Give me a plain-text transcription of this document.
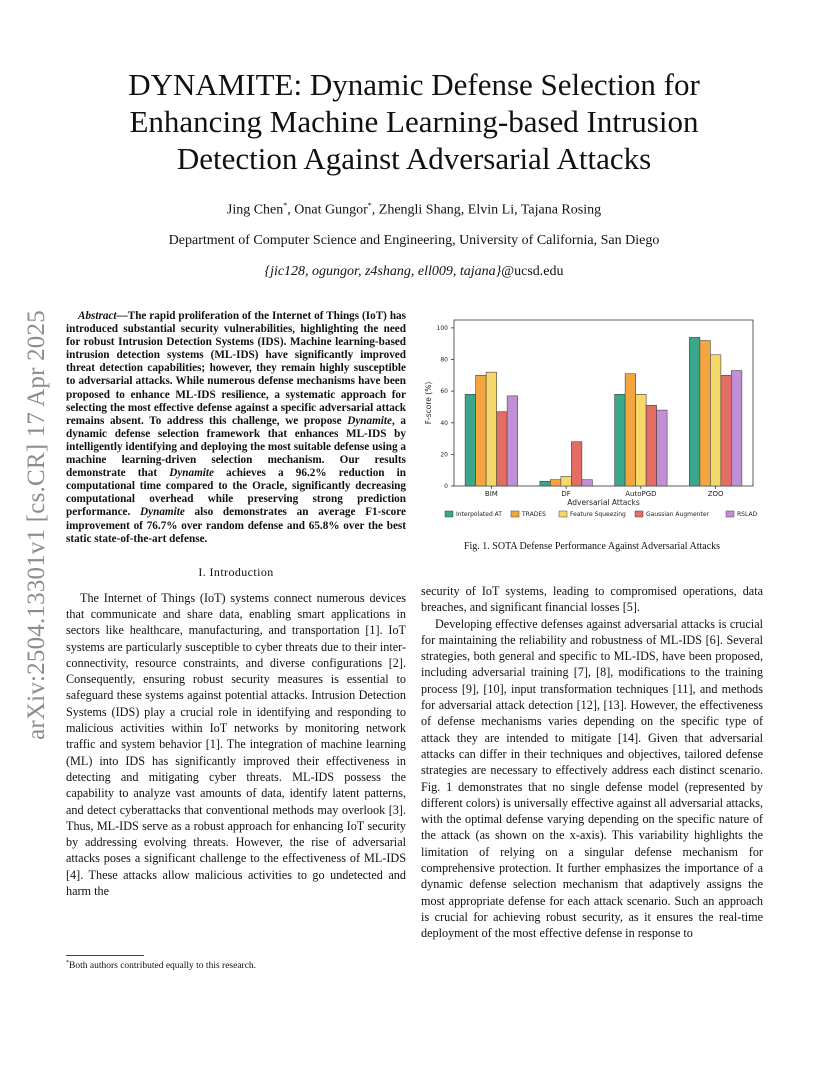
arXiv:2504.13301v1 [cs.CR] 17 Apr 2025
DYNAMITE: Dynamic Defense Selection for Enhancing Machine Learning-based Intrusion Detection Against Adversarial Attacks
Jing Chen*, Onat Gungor*, Zhengli Shang, Elvin Li, Tajana Rosing
Department of Computer Science and Engineering, University of California, San Diego
{jic128, ogungor, z4shang, ell009, tajana}@ucsd.edu

Abstract—The rapid proliferation of the Internet of Things (IoT) has introduced substantial security vulnerabilities, highlighting the need for robust Intrusion Detection Systems (IDS). Machine learning-based intrusion detection systems (ML-IDS) have significantly improved threat detection capabilities; however, they remain highly susceptible to adversarial attacks. While numerous defense mechanisms have been proposed to enhance ML-IDS resilience, a systematic approach for selecting the most effective defense against a specific adversarial attack remains absent. To address this challenge, we propose Dynamite, a dynamic defense selection framework that enhances ML-IDS by intelligently identifying and deploying the most suitable defense using a machine learning-driven selection mechanism. Our results demonstrate that Dynamite achieves a 96.2% reduction in computational time compared to the Oracle, significantly decreasing computational overhead while preserving strong prediction performance. Dynamite also demonstrates an average F1-score improvement of 76.7% over random defense and 65.8% over the best static state-of-the-art defense.

I. Introduction

The Internet of Things (IoT) systems connect numerous devices that communicate and share data, enabling smart applications in sectors like healthcare, manufacturing, and transportation [1]. IoT systems are particularly susceptible to cyber threats due to their inter-connectivity, resource constraints, and diverse configurations [2]. Consequently, ensuring robust security measures is essential to safeguard these systems against potential attacks. Intrusion Detection Systems (IDS) play a crucial role in identifying and responding to malicious activities within IoT networks by monitoring network traffic and system behavior [1]. The integration of machine learning (ML) into IDS has significantly improved their effectiveness in detecting and mitigating cyber threats. ML-IDS possess the capability to analyze vast amounts of data, identify latent patterns, and detect cyberattacks that conventional methods may overlook [3]. Thus, ML-IDS serve as a robust approach for enhancing IoT security by addressing evolving threats. However, the rise of adversarial attacks poses a significant challenge to the effectiveness of ML-IDS [4]. These attacks allow malicious activities to go undetected and harm the

*Both authors contributed equally to this research.
0
20
40
60
80
100
F-score (%)
BIM	DF	AutoPGD	ZOO
Adversarial Attacks
Interpolated AT	TRADES	Feature Squeezing	Gaussian Augmenter	RSLAD
Fig. 1. SOTA Defense Performance Against Adversarial Attacks

security of IoT systems, leading to compromised operations, data breaches, and significant financial losses [5].

Developing effective defenses against adversarial attacks is crucial for maintaining the reliability and robustness of ML-IDS [6]. Several strategies, both general and specific to ML-IDS, have been proposed, including adversarial training [7], [8], modifications to the training process [9], [10], input transformation techniques [11], and methods for adversarial attack detection [12], [13]. However, the effectiveness of defense mechanisms varies depending on the specific type of attack they are intended to mitigate [14]. Given that adversarial attacks can differ in their techniques and objectives, tailored defense strategies are necessary to effectively address each distinct scenario. Fig. 1 demonstrates that no single defense model (represented by different colors) is universally effective against all adversarial attacks, with the optimal defense varying depending on the specific nature of the attack (as shown on the x-axis). This variability highlights the limitation of relying on a singular defense mechanism for comprehensive protection. It further emphasizes the importance of a dynamic defense selection mechanism that adaptively assigns the most appropriate defense for each attack scenario. Such an approach is crucial for achieving robust security, as it ensures the real-time deployment of the most effective defense in response to
